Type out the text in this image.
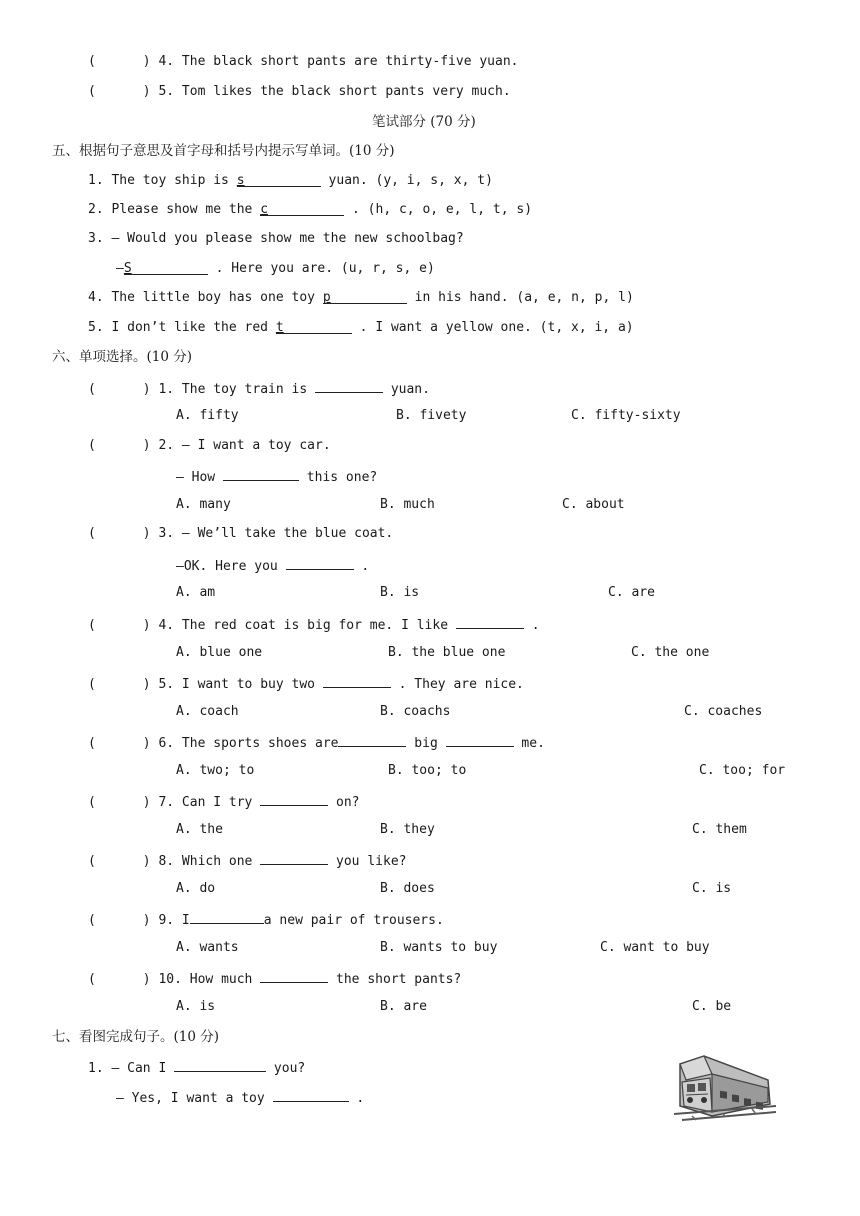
(      ) 4. The black short pants are thirty-five yuan.
(      ) 5. Tom likes the black short pants very much.
笔试部分 (70 分)
五、根据句子意思及首字母和括号内提示写单词。(10 分)
1. The toy ship is s	yuan. (y, i, s, x, t)
2. Please show me the c	. (h, c, o, e, l, t, s)
3. — Would you please show me the new schoolbag?
—S	. Here you are. (u, r, s, e)
4. The little boy has one toy p	in his hand. (a, e, n, p, l)
5. I don’t like the red t	. I want a yellow one. (t, x, i, a)
六、单项选择。(10 分)
(      ) 1. The toy train is	yuan.
A. fifty	B. fivety	C. fifty-sixty
(      ) 2. — I want a toy car.
— How	this one?
A. many	B. much	C. about
(      ) 3. — We’ll take the blue coat.
—OK. Here you	.
A. am	B. is	C. are
(      ) 4. The red coat is big for me. I like	.
A. blue one	B. the blue one	C. the one
(      ) 5. I want to buy two	. They are nice.
A. coach	B. coachs	C. coaches
(      ) 6. The sports shoes are	big	me.
A. two; to	B. too; to	C. too; for
(      ) 7. Can I try	on?
A. the	B. they	C. them
(      ) 8. Which one	you like?
A. do	B. does	C. is
(      ) 9. I	a new pair of trousers.
A. wants	B. wants to buy	C. want to buy
(      ) 10. How much	the short pants?
A. is	B. are	C. be
七、看图完成句子。(10 分)
1. — Can I	you?
— Yes, I want a toy	.
